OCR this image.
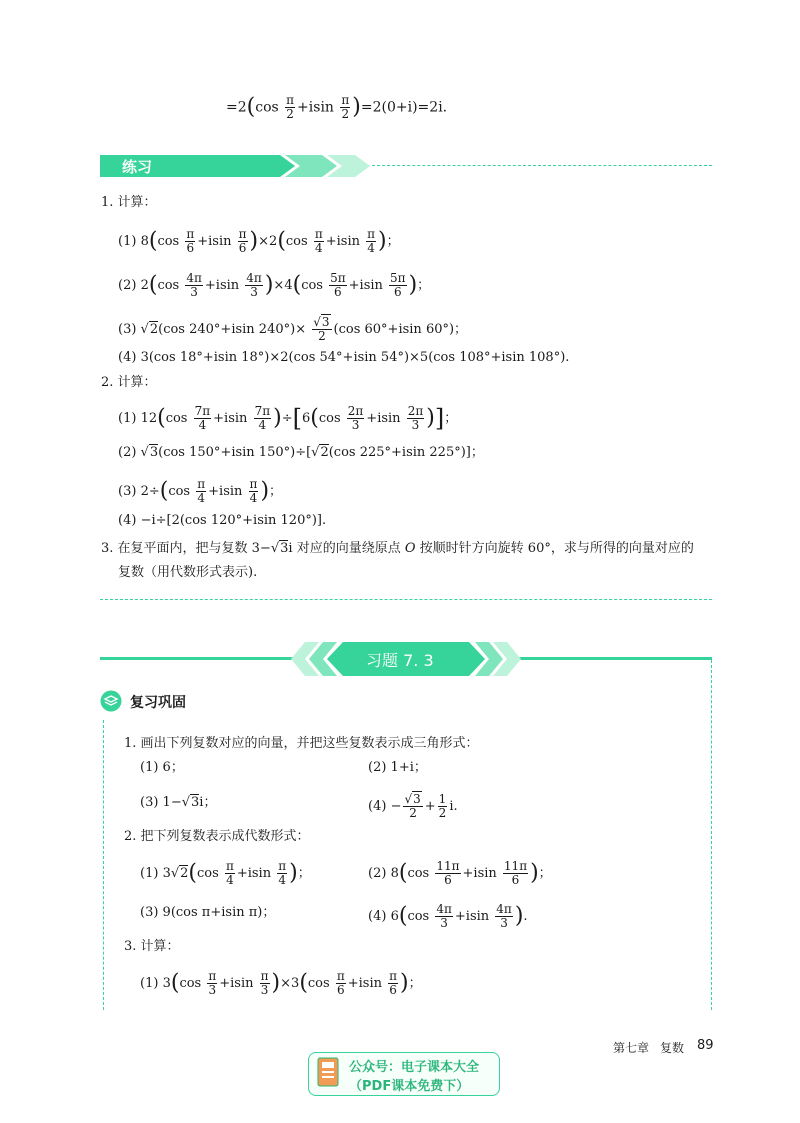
$=2(\cos \frac{\pi}{2} +isin \frac{\pi}{2} )=2(0+i)=2i$.
练习
1. 计算：
(1) $8(\cos \frac{\pi}{6} +isin \frac{\pi}{6} )\times 2(\cos \frac{\pi}{4} +isin \frac{\pi}{4}$ )；
(2) $2(\cos \frac{4\pi}{3} +isin \frac{4\pi}{3} )\times 4(\cos \frac{5\pi}{6} +isin \frac{5\pi}{6}$ )；
(3) √2(cos 240°+isin $240^\circ)\times \frac{√3}{2} (\cos$ 60°+isin 60°)；
(4) 3(cos 18°+isin 18°)×2(cos 54°+isin 54°)×5(cos 108°+isin 108°).
2. 计算：
(1) $12(\cos \frac{7\pi}{4} +isin \frac{7\pi}{4} )\div[6(\cos \frac{2\pi}{3} +isin \frac{2\pi}{3}$ )]；
(2) √3(cos 150°+isin 150°)÷[√2(cos 225°+isin 225°)]；
(3) $2\div(\cos \frac{\pi}{4} +isin \frac{\pi}{4}$ )；
(4) −i÷[2(cos 120°+isin 120°)].
3. 在复平面内，把与复数 3−√3i 对应的向量绕原点 O 按顺时针方向旋转 60°，求与所得的向量对应的
复数（用代数形式表示).
习题 7. 3
复习巩固
1. 画出下列复数对应的向量，并把这些复数表示成三角形式：
(1) 6；	(2) 1+i；
(3) 1−√3i；	$(4) - \frac{√3}{2} + \frac{1}{2} i$.
2. 把下列复数表示成代数形式：
(1) $3√2(\cos \frac{\pi}{4} +isin \frac{\pi}{4}$ )；	(2) $8(\cos \frac{11\pi}{6} +isin \frac{11\pi}{6}$ )；
(3) 9(cos π+isin π)；	(4) $6(\cos \frac{4\pi}{3} +isin \frac{4\pi}{3}$ ).
3. 计算：
(1) $3(\cos \frac{\pi}{3} +isin \frac{\pi}{3} )\times 3(\cos \frac{\pi}{6} +isin \frac{\pi}{6}$ )；
第七章 复数 89
公众号：电子课本大全
（PDF课本免费下）
